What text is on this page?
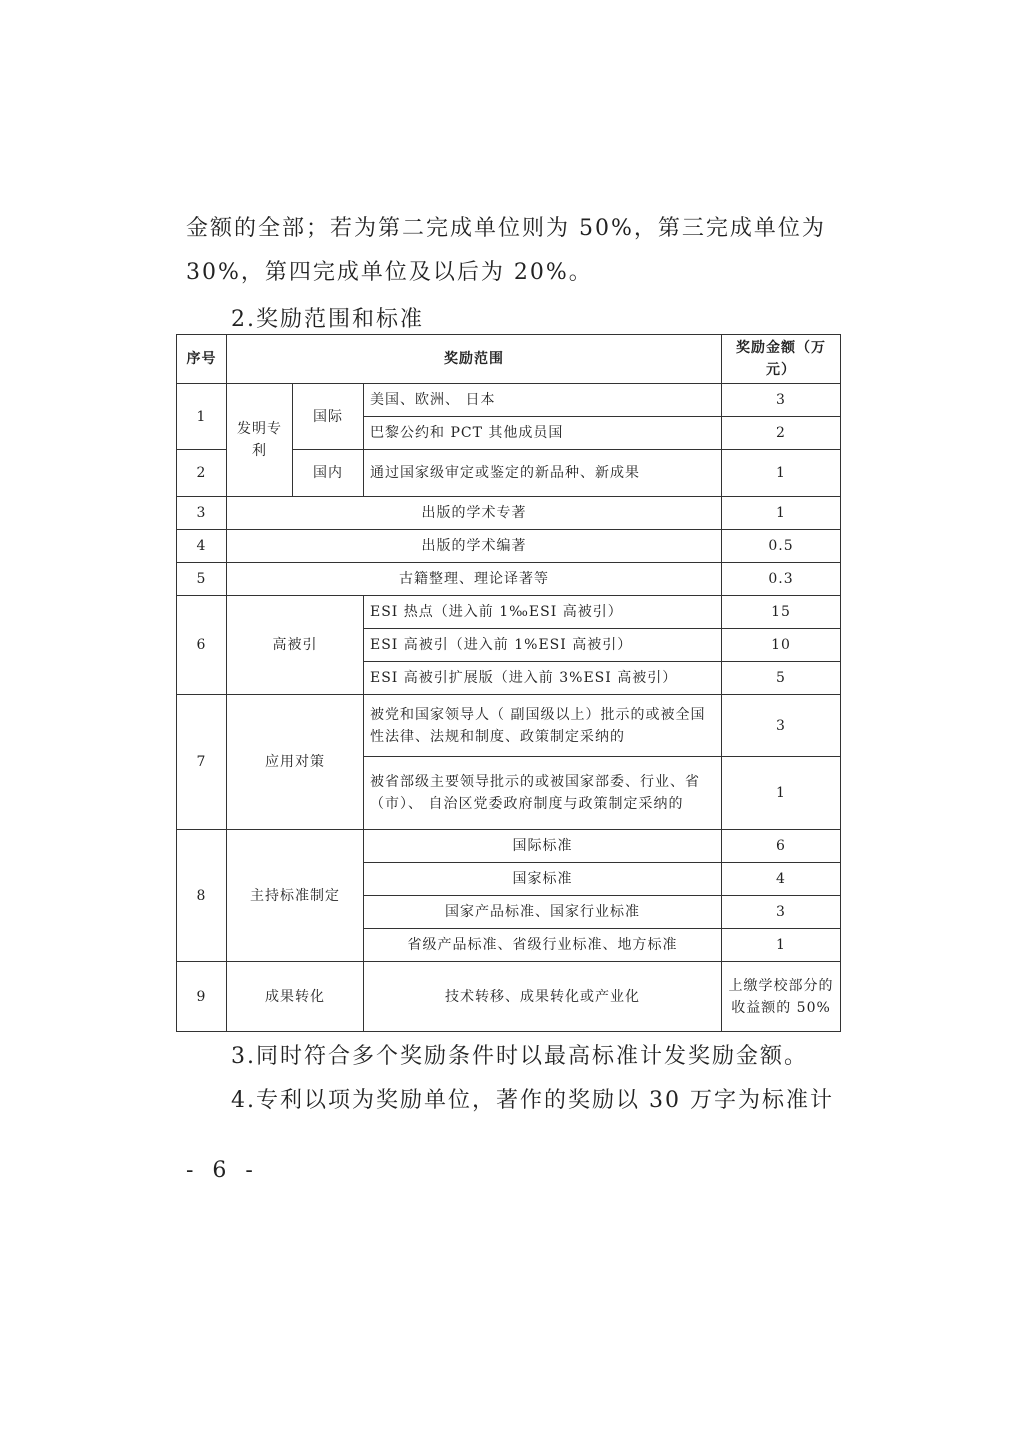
金额的全部；若为第二完成单位则为 50%，第三完成单位为
30%，第四完成单位及以后为 20%。
2.奖励范围和标准
序号	奖励范围			奖励金额（万元）
1	发明专利	国际	美国、欧洲、 日本	3
			巴黎公约和 PCT 其他成员国	2
2		国内	通过国家级审定或鉴定的新品种、新成果	1
3	出版的学术专著			1
4	出版的学术编著			0.5
5	古籍整理、理论译著等			0.3
6	高被引		ESI 热点（进入前 1‰ESI 高被引）	15
			ESI 高被引（进入前 1%ESI 高被引）	10
			ESI 高被引扩展版（进入前 3%ESI 高被引）	5
7	应用对策		被党和国家领导人（ 副国级以上）批示的或被全国性法律、法规和制度、政策制定采纳的	3
			被省部级主要领导批示的或被国家部委、行业、省（市）、 自治区党委政府制度与政策制定采纳的	1
8	主持标准制定		国际标准	6
			国家标准	4
			国家产品标准、国家行业标准	3
			省级产品标准、省级行业标准、地方标准	1
9	成果转化		技术转移、成果转化或产业化	上缴学校部分的收益额的 50%
3.同时符合多个奖励条件时以最高标准计发奖励金额。
4.专利以项为奖励单位，著作的奖励以 30 万字为标准计
- 6 -
